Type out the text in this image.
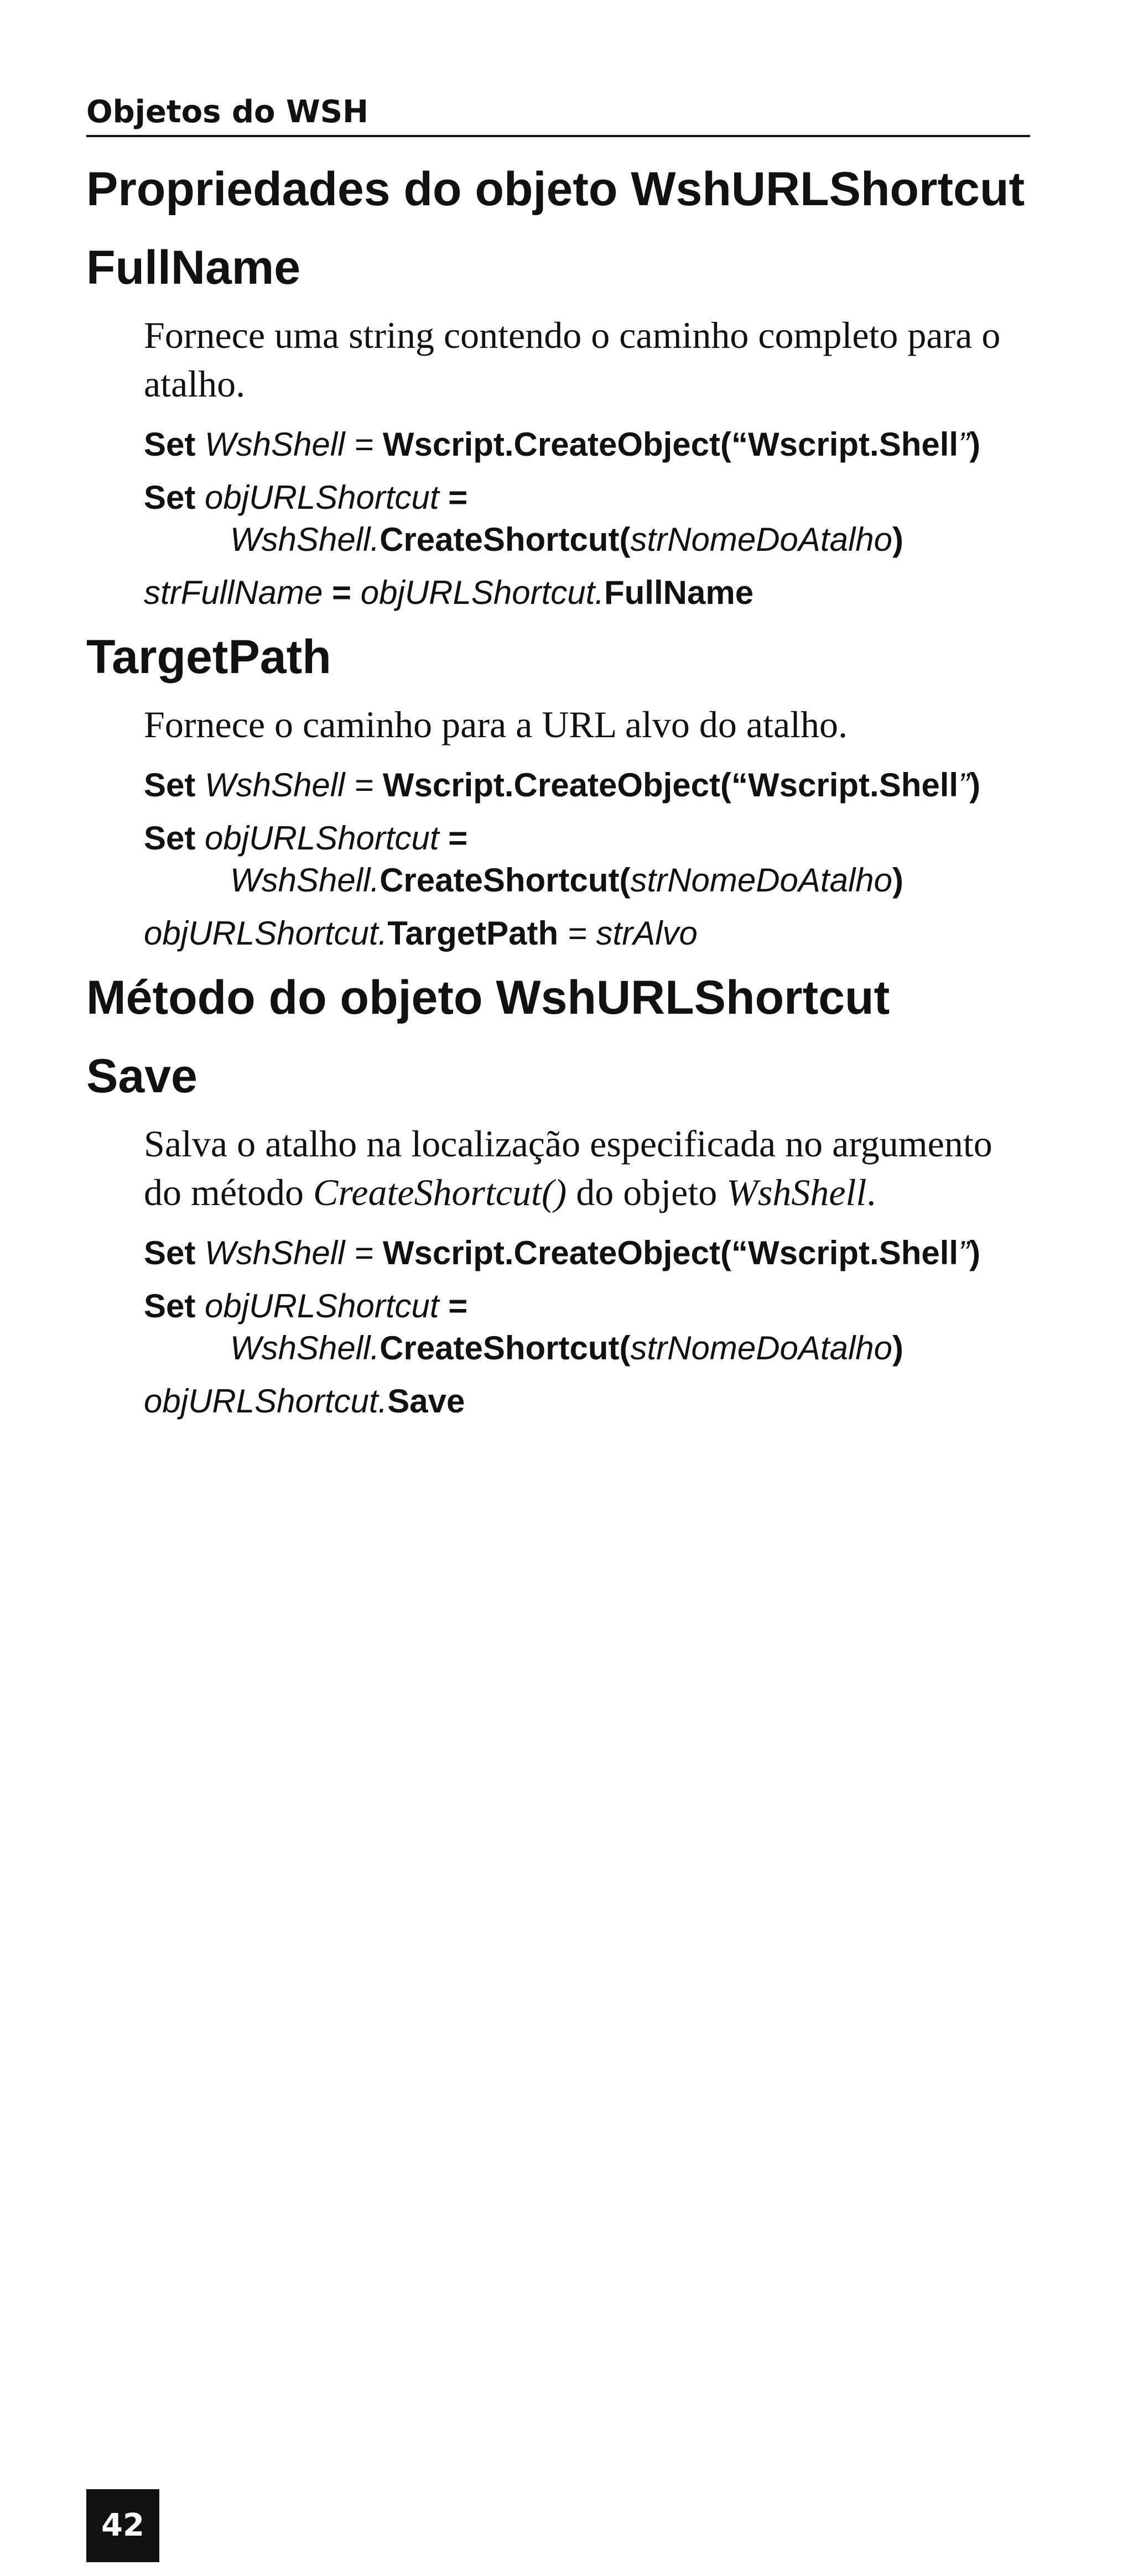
Objetos do WSH
Propriedades do objeto WshURLShortcut
FullName

Fornece uma string contendo o caminho completo para o atalho.

Set WshShell = Wscript.CreateObject(“Wscript.Shell”)

Set objURLShortcut =
WshShell.CreateShortcut(strNomeDoAtalho)

strFullName = objURLShortcut.FullName

TargetPath

Fornece o caminho para a URL alvo do atalho.

Set WshShell = Wscript.CreateObject(“Wscript.Shell”)

Set objURLShortcut =
WshShell.CreateShortcut(strNomeDoAtalho)

objURLShortcut.TargetPath = strAlvo

Método do objeto WshURLShortcut
Save

Salva o atalho na localização especificada no argumento do método CreateShortcut() do objeto WshShell.

Set WshShell = Wscript.CreateObject(“Wscript.Shell”)

Set objURLShortcut =
WshShell.CreateShortcut(strNomeDoAtalho)

objURLShortcut.Save

42
